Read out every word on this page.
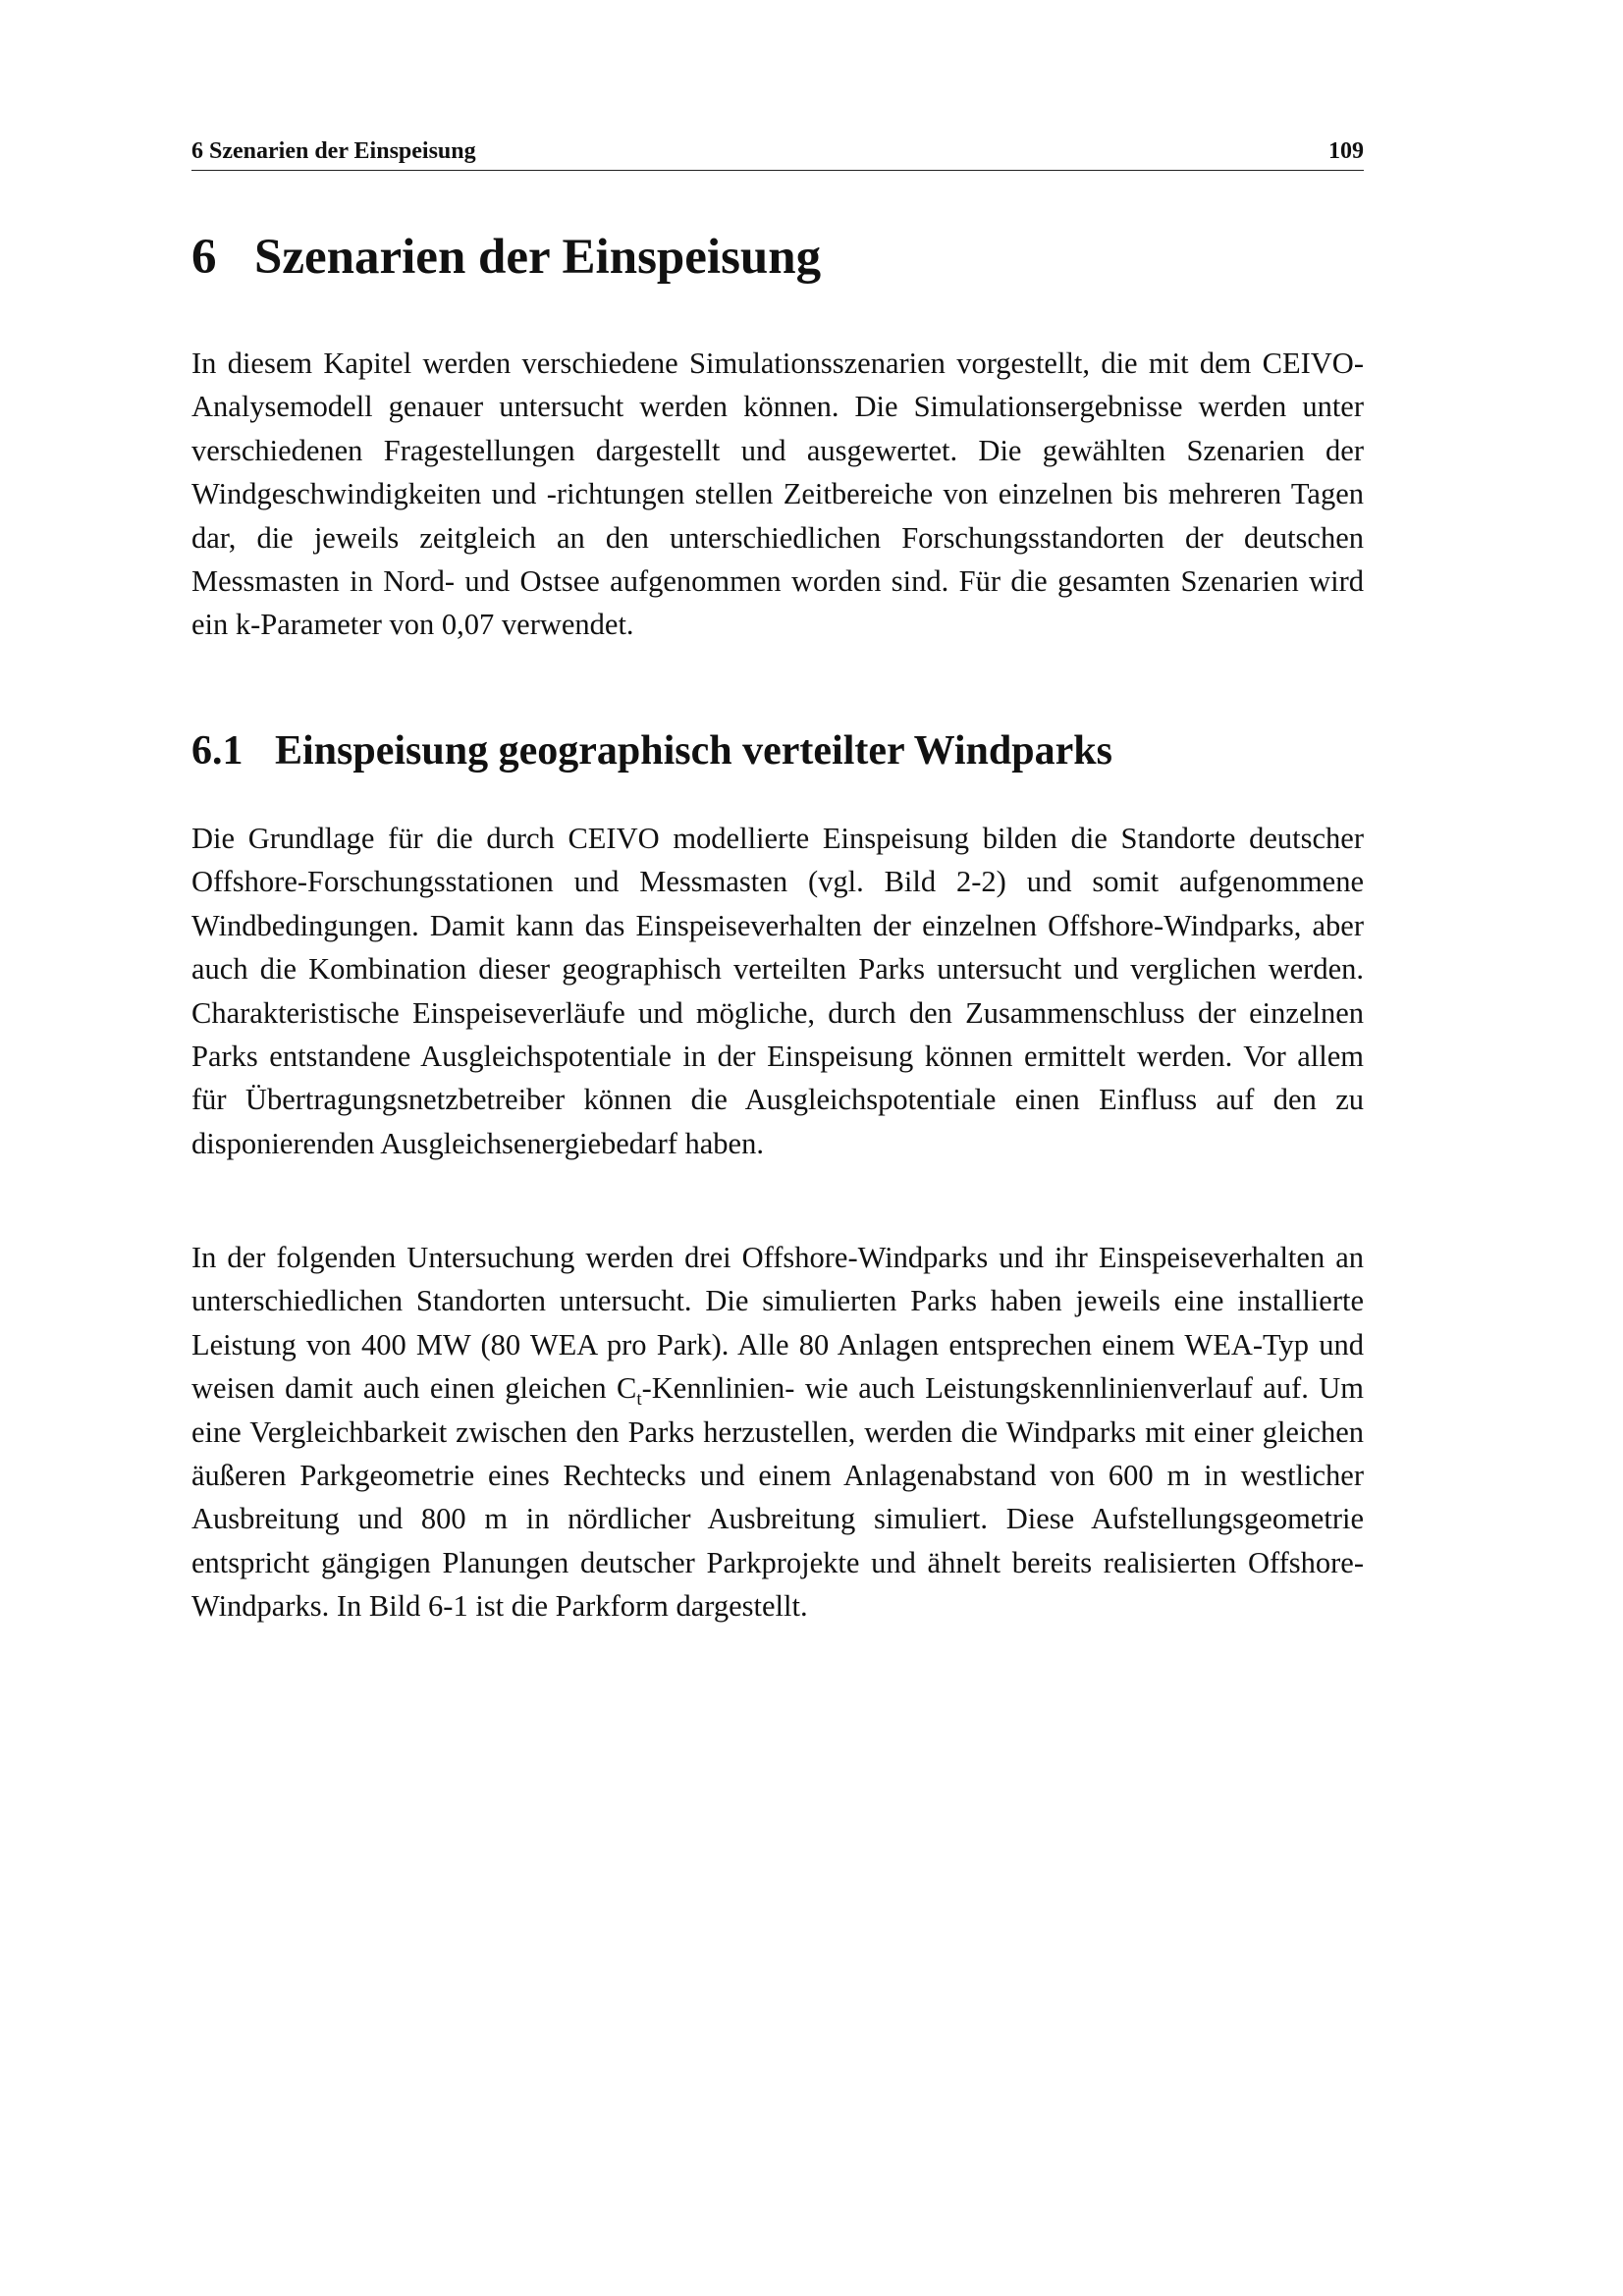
6 Szenarien der Einspeisung	109
6 Szenarien der Einspeisung

In diesem Kapitel werden verschiedene Simulationsszenarien vorgestellt, die mit dem CEIVO-Analysemodell genauer untersucht werden können. Die Simulationsergebnisse werden unter verschiedenen Fragestellungen dargestellt und ausgewertet. Die gewählten Szenarien der Windgeschwindigkeiten und -richtungen stellen Zeitbereiche von einzelnen bis mehreren Tagen dar, die jeweils zeitgleich an den unterschiedlichen Forschungsstandorten der deutschen Messmasten in Nord- und Ostsee aufgenommen worden sind. Für die gesamten Szenarien wird ein k-Parameter von 0,07 verwendet.

6.1 Einspeisung geographisch verteilter Windparks

Die Grundlage für die durch CEIVO modellierte Einspeisung bilden die Standorte deutscher Offshore-Forschungsstationen und Messmasten (vgl. Bild 2-2) und somit aufgenommene Windbedingungen. Damit kann das Einspeiseverhalten der einzelnen Offshore-Windparks, aber auch die Kombination dieser geographisch verteilten Parks untersucht und verglichen werden. Charakteristische Einspeiseverläufe und mögliche, durch den Zusammenschluss der einzelnen Parks entstandene Ausgleichspotentiale in der Einspeisung können ermittelt werden. Vor allem für Übertragungsnetzbetreiber können die Ausgleichspotentiale einen Einfluss auf den zu disponierenden Ausgleichsenergiebedarf haben.

In der folgenden Untersuchung werden drei Offshore-Windparks und ihr Einspeiseverhalten an unterschiedlichen Standorten untersucht. Die simulierten Parks haben jeweils eine installierte Leistung von 400 MW (80 WEA pro Park). Alle 80 Anlagen entsprechen einem WEA-Typ und weisen damit auch einen gleichen $C_t-Kennlinien-$ wie auch Leistungskennlinienverlauf auf. Um eine Vergleichbarkeit zwischen den Parks herzustellen, werden die Windparks mit einer gleichen äußeren Parkgeometrie eines Rechtecks und einem Anlagenabstand von 600 m in westlicher Ausbreitung und 800 m in nördlicher Ausbreitung simuliert. Diese Aufstellungsgeometrie entspricht gängigen Planungen deutscher Parkprojekte und ähnelt bereits realisierten Offshore-Windparks. In Bild 6-1 ist die Parkform dargestellt.
